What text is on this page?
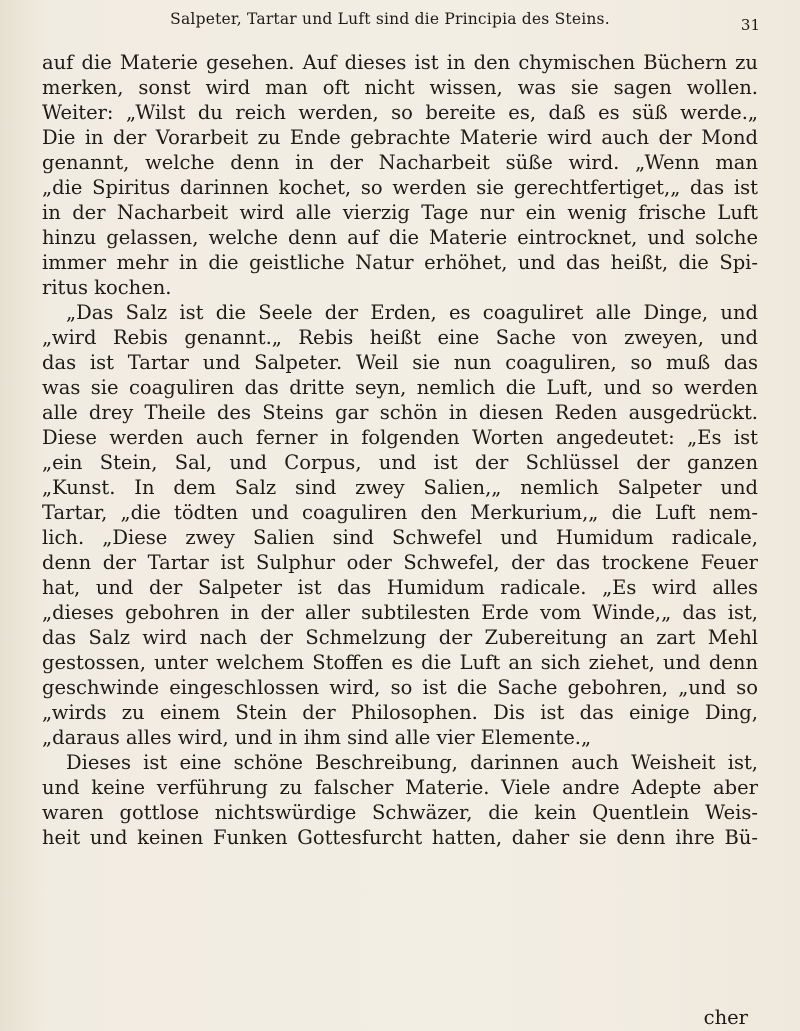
Salpeter, Tartar und Luft sind die Principia des Steins.	31
auf die Materie gesehen. Auf dieses ist in den chymischen Büchern zu
merken, sonst wird man oft nicht wissen, was sie sagen wollen.
Weiter: „Wilst du reich werden, so bereite es, daß es süß werde.„
Die in der Vorarbeit zu Ende gebrachte Materie wird auch der Mond
genannt, welche denn in der Nacharbeit süße wird. „Wenn man
„die Spiritus darinnen kochet, so werden sie gerechtfertiget,„ das ist
in der Nacharbeit wird alle vierzig Tage nur ein wenig frische Luft
hinzu gelassen, welche denn auf die Materie eintrocknet, und solche
immer mehr in die geistliche Natur erhöhet, und das heißt, die Spi-
ritus kochen.
„Das Salz ist die Seele der Erden, es coaguliret alle Dinge, und
„wird Rebis genannt.„ Rebis heißt eine Sache von zweyen, und
das ist Tartar und Salpeter. Weil sie nun coaguliren, so muß das
was sie coaguliren das dritte seyn, nemlich die Luft, und so werden
alle drey Theile des Steins gar schön in diesen Reden ausgedrückt.
Diese werden auch ferner in folgenden Worten angedeutet: „Es ist
„ein Stein, Sal, und Corpus, und ist der Schlüssel der ganzen
„Kunst. In dem Salz sind zwey Salien,„ nemlich Salpeter und
Tartar, „die tödten und coaguliren den Merkurium,„ die Luft nem-
lich. „Diese zwey Salien sind Schwefel und Humidum radicale,
denn der Tartar ist Sulphur oder Schwefel, der das trockene Feuer
hat, und der Salpeter ist das Humidum radicale. „Es wird alles
„dieses gebohren in der aller subtilesten Erde vom Winde,„ das ist,
das Salz wird nach der Schmelzung der Zubereitung an zart Mehl
gestossen, unter welchem Stoffen es die Luft an sich ziehet, und denn
geschwinde eingeschlossen wird, so ist die Sache gebohren, „und so
„wirds zu einem Stein der Philosophen. Dis ist das einige Ding,
„daraus alles wird, und in ihm sind alle vier Elemente.„
Dieses ist eine schöne Beschreibung, darinnen auch Weisheit ist,
und keine verführung zu falscher Materie. Viele andre Adepte aber
waren gottlose nichtswürdige Schwäzer, die kein Quentlein Weis-
heit und keinen Funken Gottesfurcht hatten, daher sie denn ihre Bü-
cher
